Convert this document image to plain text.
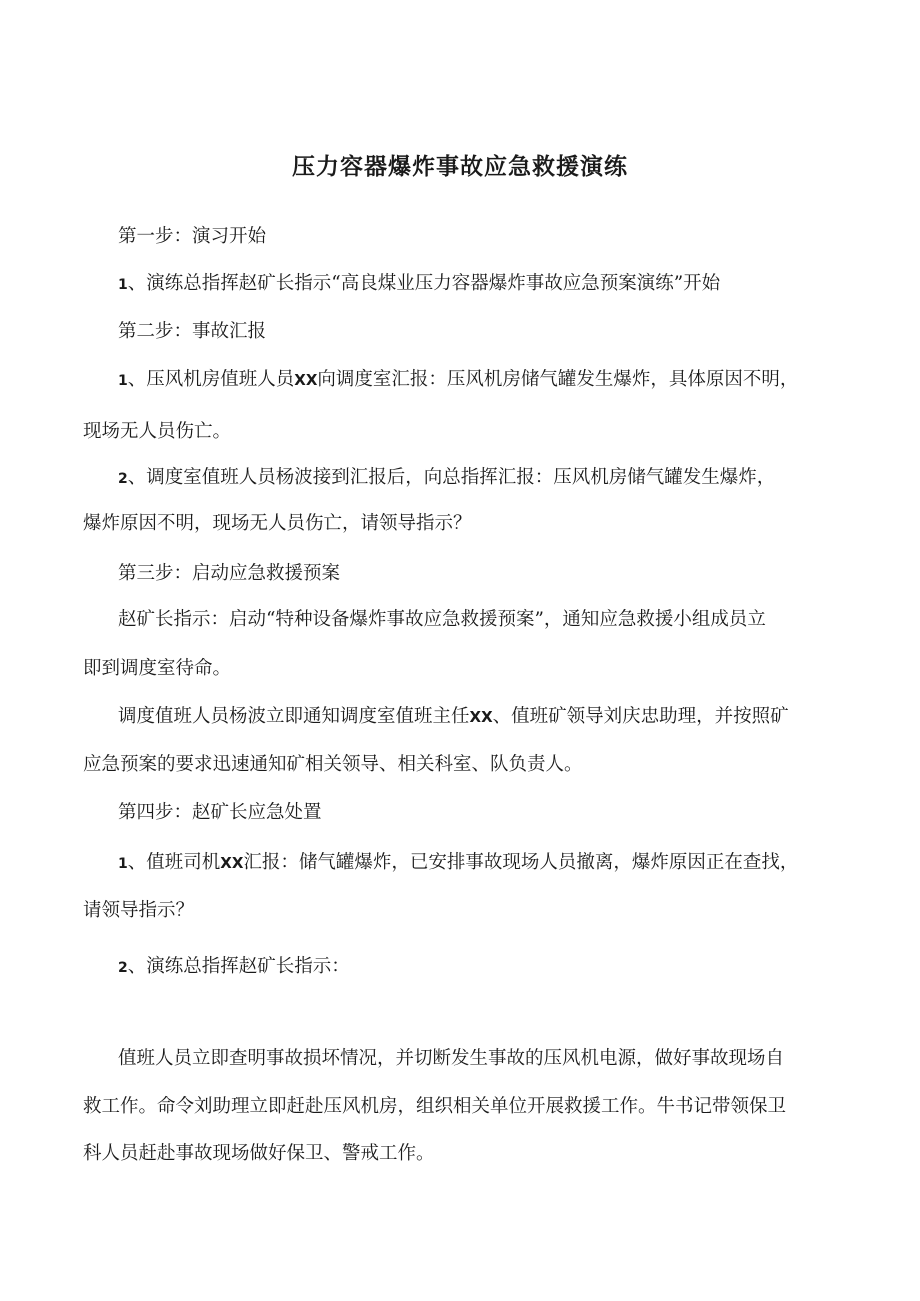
压力容器爆炸事故应急救援演练

第一步：演习开始

1、演练总指挥赵矿长指示“高良煤业压力容器爆炸事故应急预案演练”开始

第二步：事故汇报

1、压风机房值班人员XX向调度室汇报：压风机房储气罐发生爆炸，具体原因不明，

现场无人员伤亡。

2、调度室值班人员杨波接到汇报后，向总指挥汇报：压风机房储气罐发生爆炸，

爆炸原因不明，现场无人员伤亡，请领导指示？

第三步：启动应急救援预案

赵矿长指示：启动“特种设备爆炸事故应急救援预案”，通知应急救援小组成员立

即到调度室待命。

调度值班人员杨波立即通知调度室值班主任XX、值班矿领导刘庆忠助理，并按照矿

应急预案的要求迅速通知矿相关领导、相关科室、队负责人。

第四步：赵矿长应急处置

1、值班司机XX汇报：储气罐爆炸，已安排事故现场人员撤离，爆炸原因正在查找，

请领导指示？

2、演练总指挥赵矿长指示：

值班人员立即查明事故损坏情况，并切断发生事故的压风机电源，做好事故现场自

救工作。命令刘助理立即赶赴压风机房，组织相关单位开展救援工作。牛书记带领保卫

科人员赶赴事故现场做好保卫、警戒工作。
